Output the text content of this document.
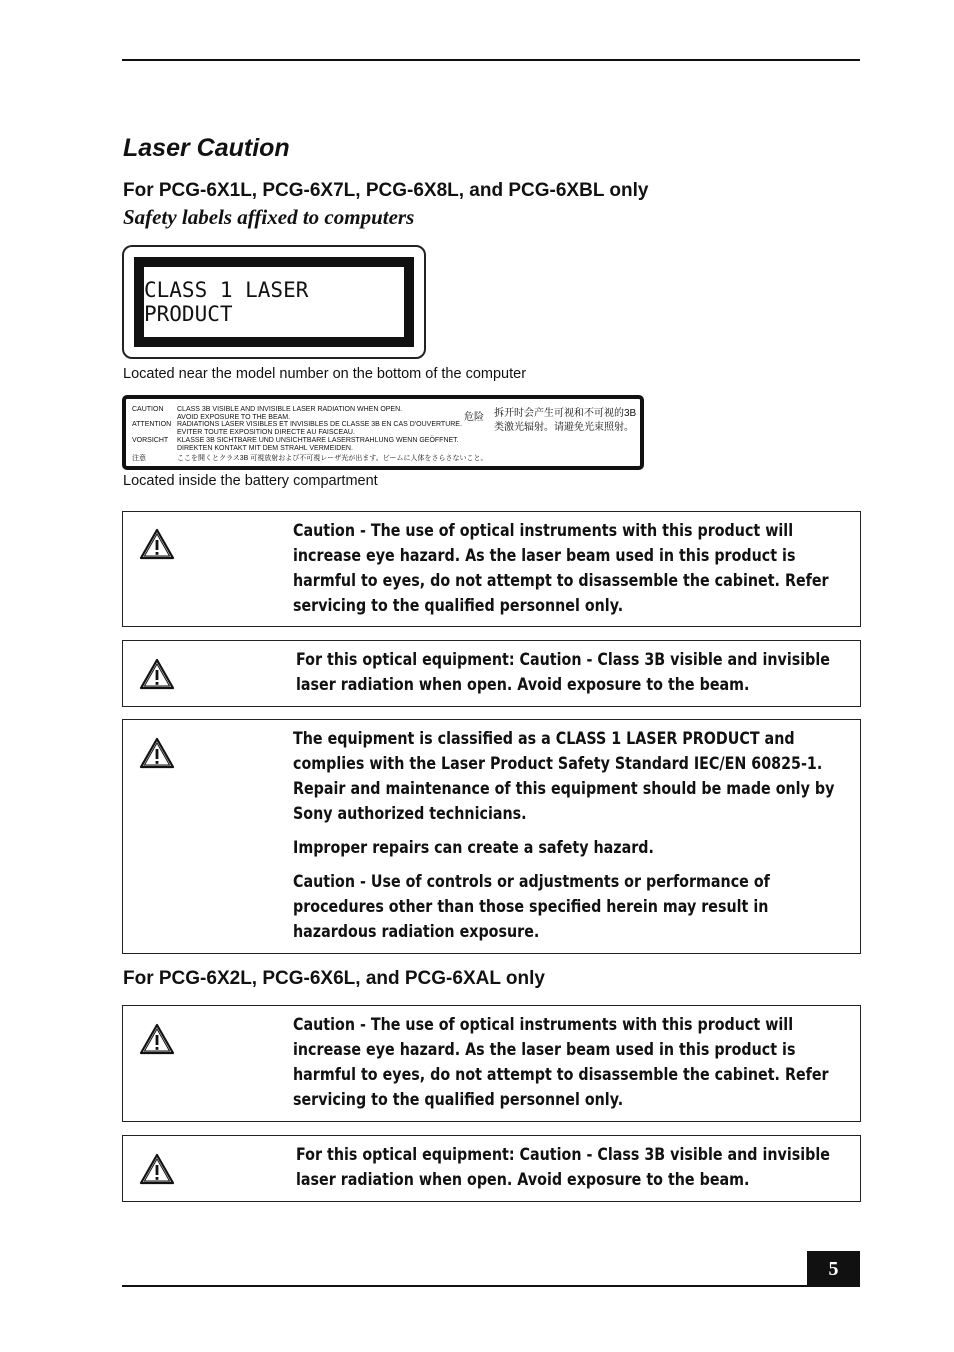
Laser Caution
For PCG-6X1L, PCG-6X7L, PCG-6X8L, and PCG-6XBL only
Safety labels affixed to computers
CLASS 1 LASER PRODUCT
Located near the model number on the bottom of the computer
CAUTION CLASS 3B VISIBLE AND INVISIBLE LASER RADIATION WHEN OPEN.
AVOID EXPOSURE TO THE BEAM.
ATTENTION RADIATIONS LASER VISIBLES ET INVISIBLES DE CLASSE 3B EN CAS D'OUVERTURE.
EVITER TOUTE EXPOSITION DIRECTE AU FAISCEAU.
VORSICHT KLASSE 3B SICHTBARE UND UNSICHTBARE LASERSTRAHLUNG WENN GEÖFFNET.
DIREKTEN KONTAKT MIT DEM STRAHL VERMEIDEN.
注意	ここを開くとクラス3B 可視放射および不可視レーザ光が出ます。ビームに人体をさらさないこと。
危险 拆开时会产生可视和不可视的3B 类激光辐射。请避免光束照射。
Located inside the battery compartment

Caution - The use of optical instruments with this product will increase eye hazard. As the laser beam used in this product is harmful to eyes, do not attempt to disassemble the cabinet. Refer servicing to the qualified personnel only.

For this optical equipment: Caution - Class 3B visible and invisible laser radiation when open. Avoid exposure to the beam.

The equipment is classified as a CLASS 1 LASER PRODUCT and complies with the Laser Product Safety Standard IEC/EN 60825-1. Repair and maintenance of this equipment should be made only by Sony authorized technicians.

Improper repairs can create a safety hazard.

Caution - Use of controls or adjustments or performance of procedures other than those specified herein may result in hazardous radiation exposure.

For PCG-6X2L, PCG-6X6L, and PCG-6XAL only

Caution - The use of optical instruments with this product will increase eye hazard. As the laser beam used in this product is harmful to eyes, do not attempt to disassemble the cabinet. Refer servicing to the qualified personnel only.

For this optical equipment: Caution - Class 3B visible and invisible laser radiation when open. Avoid exposure to the beam.

5
